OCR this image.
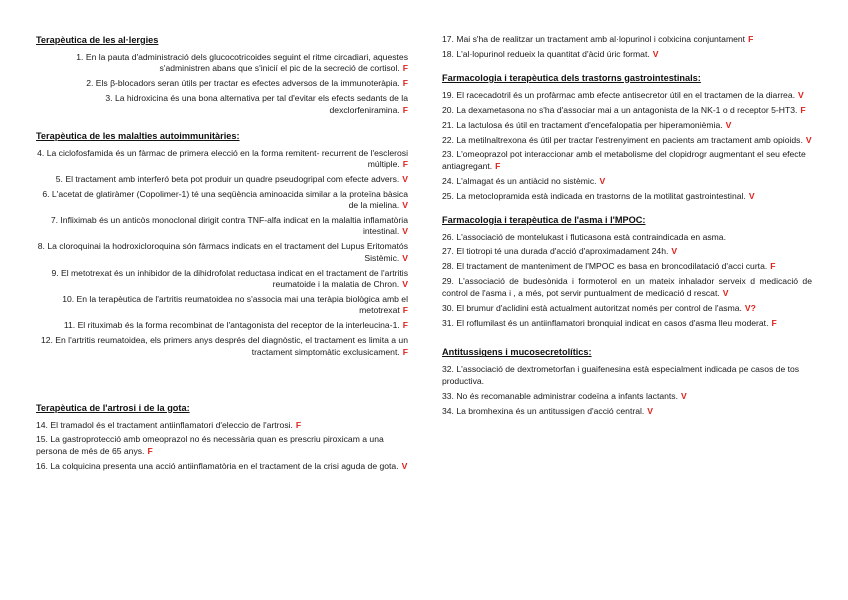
Terapèutica de les al·lergies
1. En la pauta d'administració dels glucocotricoides seguint el ritme circadiari, aquestes s'administren abans que s'inicií el pic de la secreció de cortisol. F
2. Els β-blocadors seran útils per tractar es efectes adversos de la immunoteràpia. F
3. La hidroxicina és una bona alternativa per tal d'evitar els efects sedants de la dexclorfeniramina. F
Terapèutica de les malalties autoimmunitàries:
4. La ciclofosfamida és un fàrmac de primera elecció en la forma remitent- recurrent de l'esclerosi múltiple. F
5. El tractament amb interferó beta pot produir un quadre pseudogripal com efecte advers. V
6. L'acetat de glatiràmer (Copolimer-1) té una seqüència aminoacida similar a la proteïna bàsica de la mielina. V
7. Infliximab és un anticòs monoclonal dirigit contra TNF-alfa indicat en la malaltia inflamatòria intestinal. V
8. La cloroquinai la hodroxicloroquina són fàrmacs indicats en el tractament del Lupus Eritomatós Sistèmic. V
9. El metotrexat és un inhibidor de la dihidrofolat reductasa indicat en el tractament de l'artritis reumatoide i la malatia de Chron. V
10. En la terapèutica de l'artritis reumatoidea no s'associa mai una teràpia biològica amb el metotrexat F
11. El rituximab és la forma recombinat de l'antagonista del receptor de la interleucina-1. F
12. En l'artritis reumatoidea, els primers anys després del diagnòstic, el tractament es limita a un tractament simptomàtic exclusicament. F
Terapèutica de l'artrosi i de la gota:
14. El tramadol és el tractament antiinflamatori d'eleccio de l'artrosi. F
15. La gastroprotecció amb omeoprazol no és necessària quan es prescriu piroxicam a una persona de més de 65 anys. F
16. La colquicina presenta una acció antiinflamatòria en el tractament de la crisi aguda de gota. V
17. Mai s'ha de realitzar un tractament amb al·lopurinol i colxicina conjuntament F
18. L'al·lopurinol redueix la quantitat d'àcid úric format. V
Farmacologia i terapèutica dels trastorns gastrointestinals:
19. El racecadotril és un profàrmac amb efecte antisecretor útil en el tractamen de la diarrea. V
20. La dexametasona no s'ha d'associar mai a un antagonista de la NK-1 o d receptor 5-HT3. F
21. La lactulosa és útil en tractament d'encefalopatia per hiperamonièmia. V
22. La metilnaltrexona és útil per tractar l'estrenyiment en pacients am tractament amb opioids. V
23. L'omeoprazol pot interaccionar amb el metabolisme del clopidrogr augmentant el seu efecte antiagregant. F
24. L'almagat és un antiàcid no sistèmic. V
25. La metoclopramida està indicada en trastorns de la motilitat gastrointestinal. V
Farmacologia i terapèutica de l'asma i l'MPOC:
26. L'associació de montelukast i fluticasona està contraindicada en asma.
27. El tiotropi té una durada d'acció d'aproximadament 24h. V
28. El tractament de manteniment de l'MPOC es basa en broncodilatació d'acci curta. F
29. L'associació de budesònida i formoterol en un mateix inhalador serveix d medicació de control de l'asma i , a més, pot servir puntualment de medicació d rescat. V
30. El brumur d'aclidini està actualment autoritzat només per control de l'asma. V?
31. El roflumilast és un antiinflamatori bronquial indicat en casos d'asma lleu moderat. F
Antitussigens i mucosecretolítics:
32. L'associació de dextrometorfan i guaifenesina està especialment indicada pe casos de tos productiva.
33. No és recomanable administrar codeïna a infants lactants. V
34. La bromhexina és un antitussigen d'acció central. V
